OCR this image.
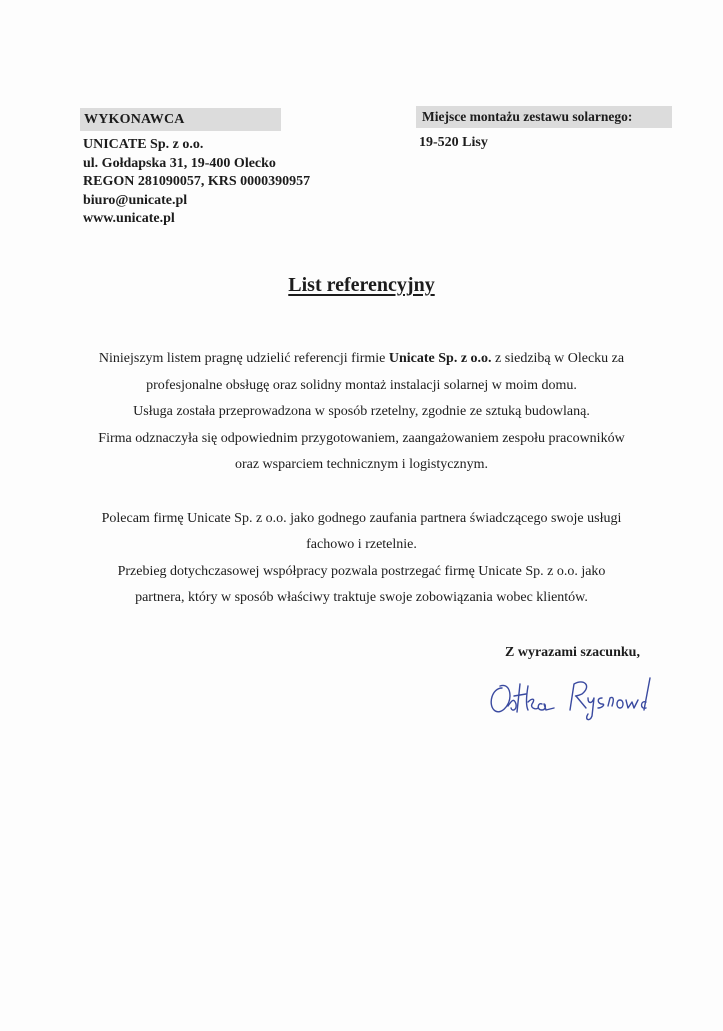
WYKONAWCA
UNICATE Sp. z o.o.
ul. Gołdapska 31, 19-400 Olecko
REGON 281090057, KRS 0000390957
biuro@unicate.pl
www.unicate.pl
Miejsce montażu zestawu solarnego:
19-520 Lisy
List referencyjny

Niniejszym listem pragnę udzielić referencji firmie Unicate Sp. z o.o. z siedzibą w Olecku za
profesjonalne obsługę oraz solidny montaż instalacji solarnej w moim domu.
Usługa została przeprowadzona w sposób rzetelny, zgodnie ze sztuką budowlaną.
Firma odznaczyła się odpowiednim przygotowaniem, zaangażowaniem zespołu pracowników
oraz wsparciem technicznym i logistycznym.

Polecam firmę Unicate Sp. z o.o. jako godnego zaufania partnera świadczącego swoje usługi
fachowo i rzetelnie.
Przebieg dotychczasowej współpracy pozwala postrzegać firmę Unicate Sp. z o.o. jako
partnera, który w sposób właściwy traktuje swoje zobowiązania wobec klientów.

Z wyrazami szacunku,
